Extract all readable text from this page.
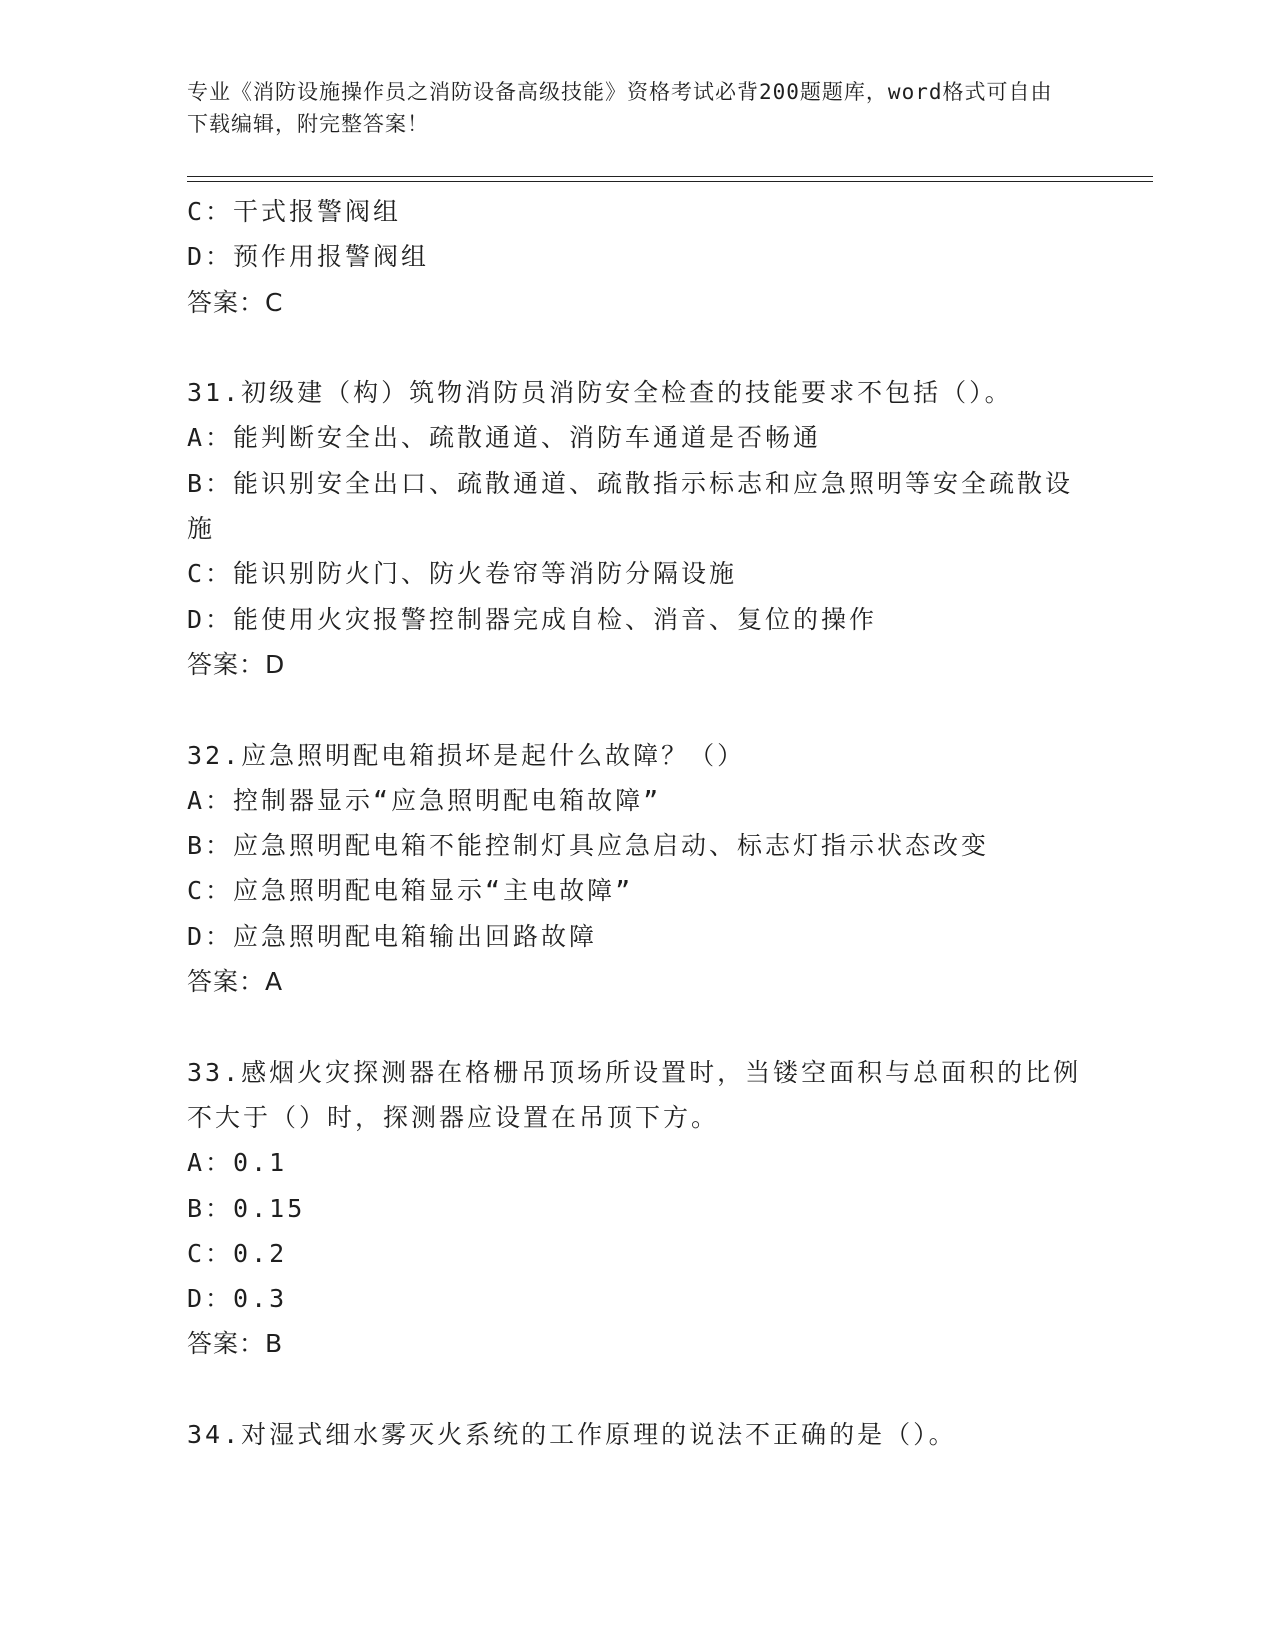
专业《消防设施操作员之消防设备高级技能》资格考试必背200题题库，word格式可自由下载编辑，附完整答案！
C：干式报警阀组
D：预作用报警阀组
答案：C
31.初级建（构）筑物消防员消防安全检查的技能要求不包括（）。
A：能判断安全出、疏散通道、消防车通道是否畅通
B：能识别安全出口、疏散通道、疏散指示标志和应急照明等安全疏散设施
C：能识别防火门、防火卷帘等消防分隔设施
D：能使用火灾报警控制器完成自检、消音、复位的操作
答案：D
32.应急照明配电箱损坏是起什么故障？（）
A：控制器显示“应急照明配电箱故障”
B：应急照明配电箱不能控制灯具应急启动、标志灯指示状态改变
C：应急照明配电箱显示“主电故障”
D：应急照明配电箱输出回路故障
答案：A
33.感烟火灾探测器在格栅吊顶场所设置时，当镂空面积与总面积的比例不大于（）时，探测器应设置在吊顶下方。
A：0.1
B：0.15
C：0.2
D：0.3
答案：B
34.对湿式细水雾灭火系统的工作原理的说法不正确的是（）。
